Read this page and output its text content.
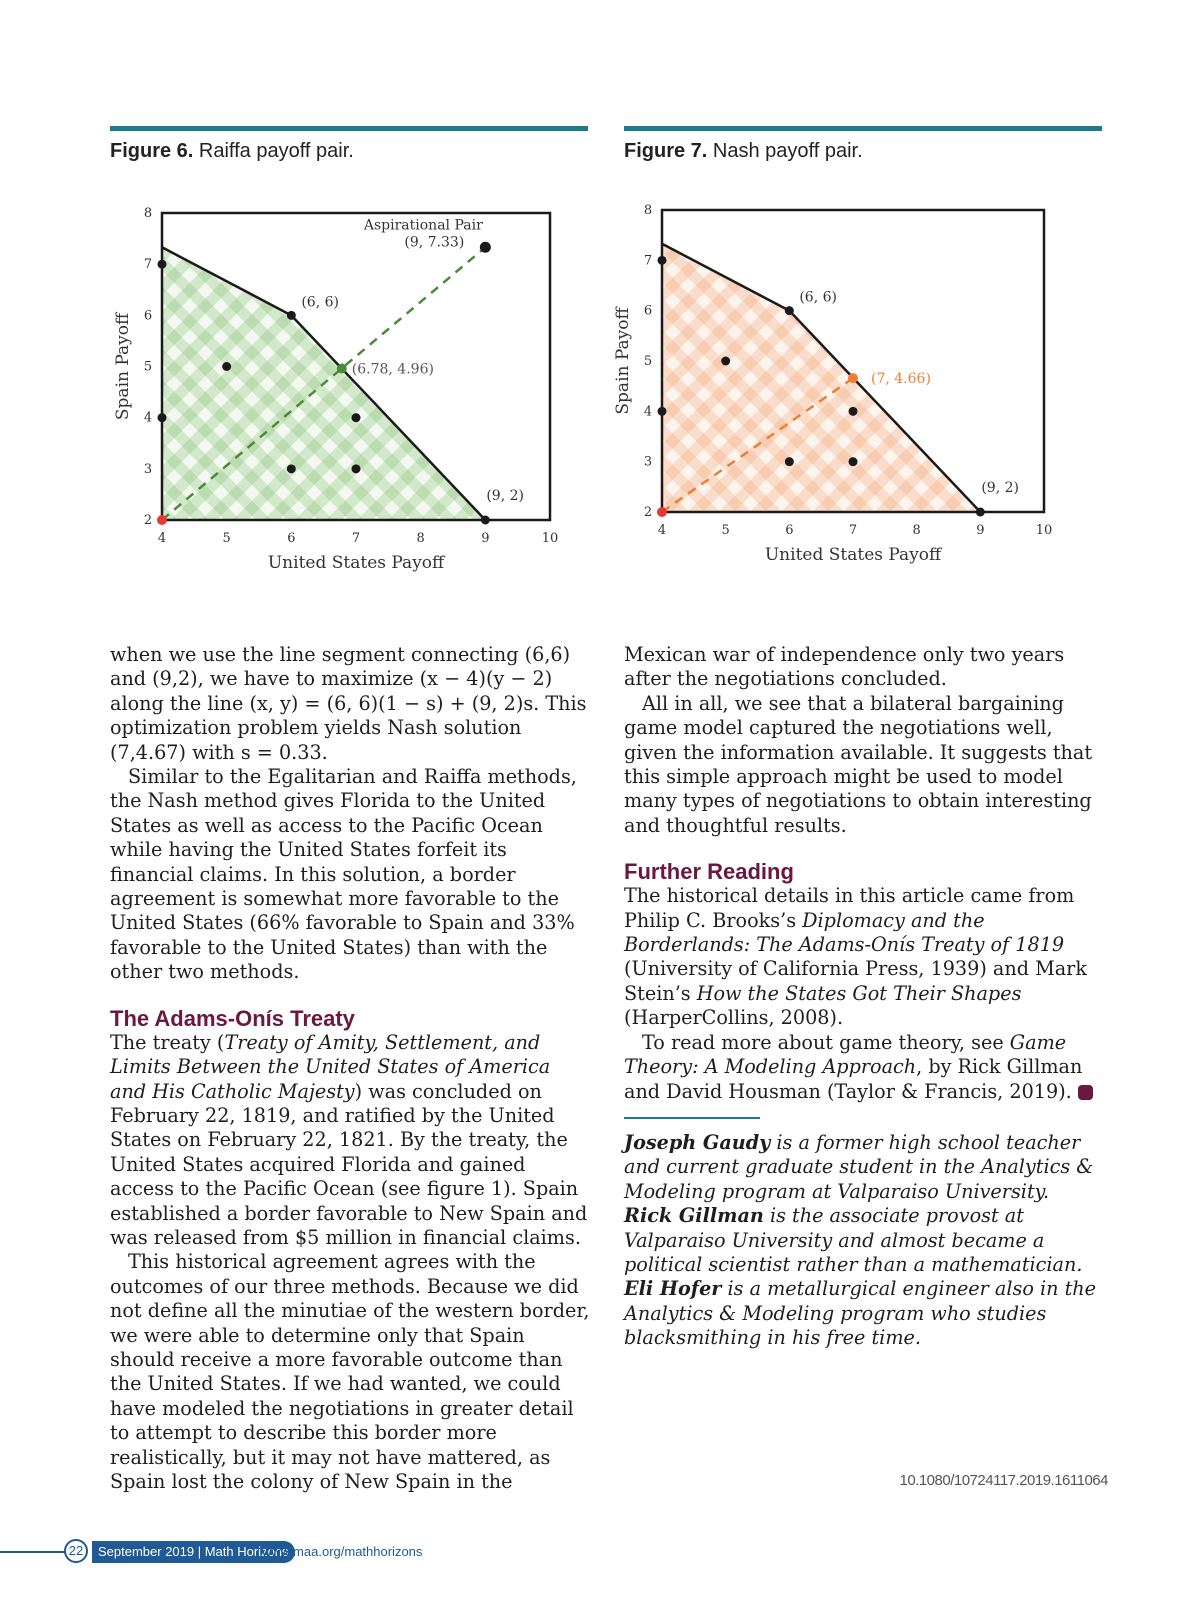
Figure 6. Raiffa payoff pair.	Figure 7. Nash payoff pair.
4	5	6	7	8	9	10
2
3
4
5
6
7
8
United States Payoff
Spain Payoff
Aspirational Pair
(9, 7.33)
(6, 6)
(6.78, 4.96)
(9, 2)
4	5	6	7	8	9	10
2
3
4
5
6
7
8
United States Payoff
Spain Payoff
(6, 6)
(7, 4.66)
(9, 2)

when we use the line segment connecting (6,6) and (9,2), we have to maximize (x − 4)(y − 2) along the line (x, y) = (6, 6)(1 − s) + (9, 2)s. This optimization problem yields Nash solution (7,4.67) with s = 0.33.

Similar to the Egalitarian and Raiffa methods, the Nash method gives Florida to the United States as well as access to the Pacific Ocean while having the United States forfeit its financial claims. In this solution, a border agreement is somewhat more favorable to the United States (66% favorable to Spain and 33% favorable to the United States) than with the other two methods.

The Adams-Onís Treaty

The treaty (Treaty of Amity, Settlement, and Limits Between the United States of America and His Catholic Majesty) was concluded on February 22, 1819, and ratified by the United States on February 22, 1821. By the treaty, the United States acquired Florida and gained access to the Pacific Ocean (see figure 1). Spain established a border favorable to New Spain and was released from $5 million in financial claims.

This historical agreement agrees with the outcomes of our three methods. Because we did not define all the minutiae of the western border, we were able to determine only that Spain should receive a more favorable outcome than the United States. If we had wanted, we could have modeled the negotiations in greater detail to attempt to describe this border more realistically, but it may not have mattered, as Spain lost the colony of New Spain in the

Mexican war of independence only two years after the negotiations concluded.

All in all, we see that a bilateral bargaining game model captured the negotiations well, given the information available. It suggests that this simple approach might be used to model many types of negotiations to obtain interesting and thoughtful results.

Further Reading

The historical details in this article came from Philip C. Brooks’s Diplomacy and the Borderlands: The Adams-Onís Treaty of 1819 (University of California Press, 1939) and Mark Stein’s How the States Got Their Shapes (HarperCollins, 2008).

To read more about game theory, see Game Theory: A Modeling Approach, by Rick Gillman and David Housman (Taylor & Francis, 2019).

Joseph Gaudy is a former high school teacher and current graduate student in the Analytics & Modeling program at Valparaiso University.

Rick Gillman is the associate provost at Valparaiso University and almost became a political scientist rather than a mathematician.

Eli Hofer is a metallurgical engineer also in the Analytics & Modeling program who studies blacksmithing in his free time.

10.1080/10724117.2019.1611064
22	September 2019 | Math Horizons
www.maa.org/mathhorizons
